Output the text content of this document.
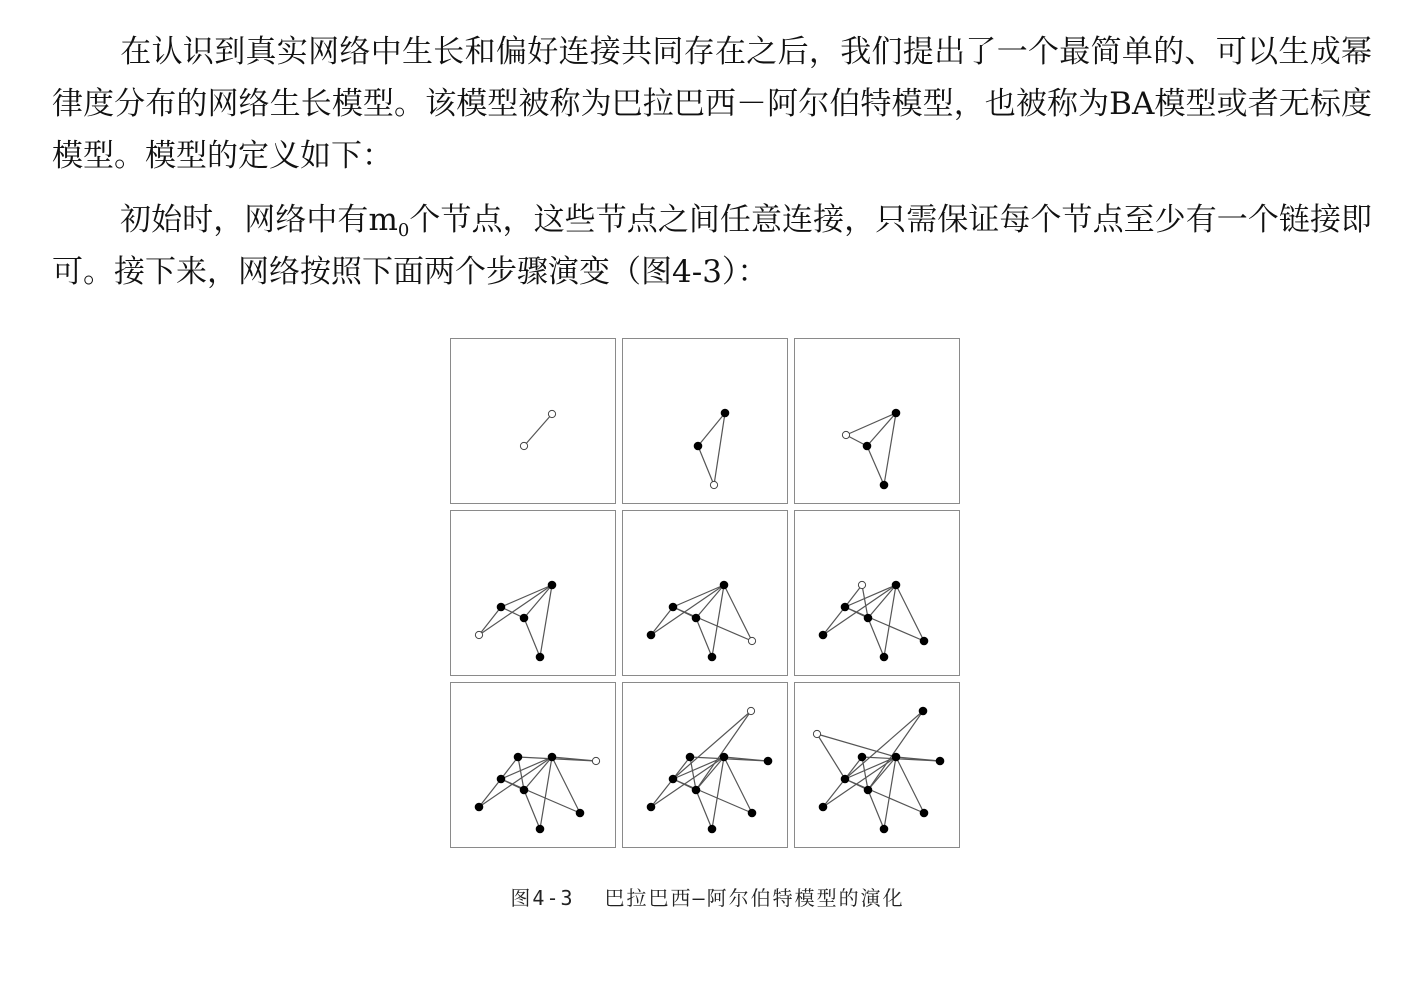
在认识到真实网络中生长和偏好连接共同存在之后，我们提出了一个最简单的、可以生成幂律度分布的网络生长模型。该模型被称为巴拉巴西－阿尔伯特模型，也被称为BA模型或者无标度模型。模型的定义如下：

初始时，网络中有$m_0$个节点，这些节点之间任意连接，只需保证每个节点至少有一个链接即可。接下来，网络按照下面两个步骤演变（图4-3）：

图4-3 巴拉巴西—阿尔伯特模型的演化
